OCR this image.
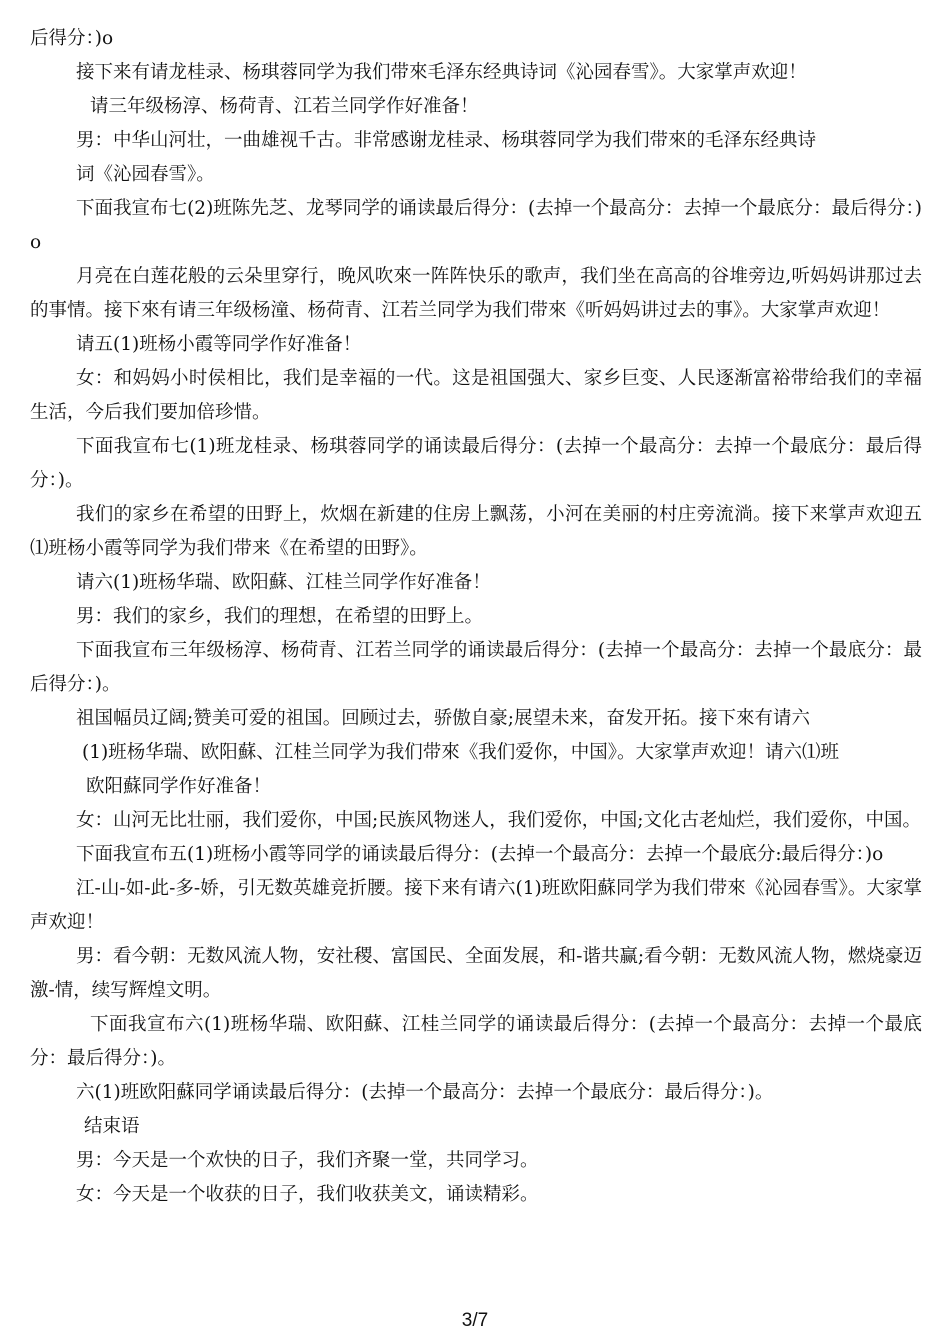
后得分：)o

接下来有请龙桂录、杨琪蓉同学为我们带來毛泽东经典诗词《沁园春雪》。大家掌声欢迎！

请三年级杨淳、杨荷青、江若兰同学作好准备！

男：中华山河壮，一曲雄视千古。非常感谢龙桂录、杨琪蓉同学为我们带來的毛泽东经典诗

词《沁园春雪》。

下面我宣布七(2)班陈先芝、龙琴同学的诵读最后得分：(去掉一个最高分：去掉一个最底分：最后得分：)o

月亮在白莲花般的云朵里穿行，晚风吹來一阵阵快乐的歌声，我们坐在高高的谷堆旁边,听妈妈讲那过去的事情。接下來有请三年级杨潼、杨荷青、江若兰同学为我们带來《听妈妈讲过去的事》。大家掌声欢迎！

请五(1)班杨小霞等同学作好准备！

女：和妈妈小时侯相比，我们是幸福的一代。这是祖国强大、家乡巨变、人民逐渐富裕带给我们的幸福生活，今后我们要加倍珍惜。

下面我宣布七(1)班龙桂录、杨琪蓉同学的诵读最后得分：(去掉一个最高分：去掉一个最底分：最后得分：)。

我们的家乡在希望的田野上，炊烟在新建的住房上飘荡，小河在美丽的村庄旁流淌。接下来掌声欢迎五⑴班杨小霞等同学为我们带来《在希望的田野》。

请六(1)班杨华瑞、欧阳蘇、江桂兰同学作好准备！

男：我们的家乡，我们的理想，在希望的田野上。

下面我宣布三年级杨淳、杨荷青、江若兰同学的诵读最后得分：(去掉一个最高分：去掉一个最底分：最后得分：)。

祖国幅员辽阔;赞美可爱的祖国。回顾过去，骄傲自豪;展望未来，奋发开拓。接下來有请六

(1)班杨华瑞、欧阳蘇、江桂兰同学为我们带來《我们爱你，中国》。大家掌声欢迎！请六⑴班

欧阳蘇同学作好准备！

女：山河无比壮丽，我们爱你，中国;民族风物迷人，我们爱你，中国;文化古老灿烂，我们爱你，中国。

下面我宣布五(1)班杨小霞等同学的诵读最后得分：(去掉一个最高分：去掉一个最底分:最后得分：)o

江-山-如-此-多-娇，引无数英雄竞折腰。接下来有请六(1)班欧阳蘇同学为我们带來《沁园春雪》。大家掌声欢迎！

男：看今朝：无数风流人物，安社稷、富国民、全面发展，和-谐共赢;看今朝：无数风流人物，燃烧豪迈激-情，续写辉煌文明。

下面我宣布六(1)班杨华瑞、欧阳蘇、江桂兰同学的诵读最后得分：(去掉一个最高分：去掉一个最底分：最后得分：)。

六(1)班欧阳蘇同学诵读最后得分：(去掉一个最高分：去掉一个最底分：最后得分：)。

结束语

男：今天是一个欢快的日子，我们齐聚一堂，共同学习。

女：今天是一个收获的日子，我们收获美文，诵读精彩。

3/7
